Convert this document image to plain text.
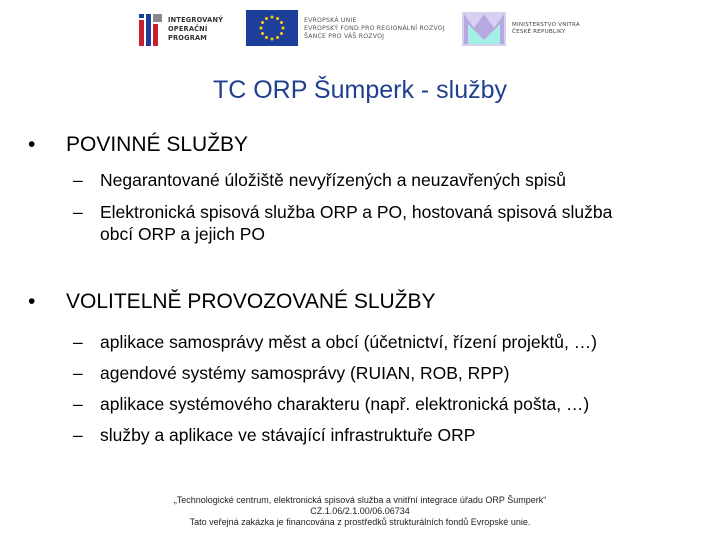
INTEGROVANÝ
OPERAČNÍ
PROGRAM
EVROPSKÁ UNIE
EVROPSKÝ FOND PRO REGIONÁLNÍ ROZVOJ
ŠANCE PRO VÁŠ ROZVOJ
MINISTERSTVO VNITRA
ČESKÉ REPUBLIKY
TC ORP Šumperk - služby
• POVINNÉ SLUŽBY
– Negarantované úložiště nevyřízených a neuzavřených spisů
– Elektronická spisová služba ORP a PO, hostovaná spisová služba obcí ORP a jejich PO
• VOLITELNĚ PROVOZOVANÉ SLUŽBY
– aplikace samosprávy měst a obcí (účetnictví, řízení projektů, …)
– agendové systémy samosprávy (RUIAN, ROB, RPP)
– aplikace systémového charakteru (např. elektronická pošta, …)
– služby a aplikace ve stávající infrastruktuře ORP
„Technologické centrum, elektronická spisová služba a vnitřní integrace úřadu ORP Šumperk“
CZ.1.06/2.1.00/06.06734
Tato veřejná zakázka je financována z prostředků strukturálních fondů Evropské unie.
